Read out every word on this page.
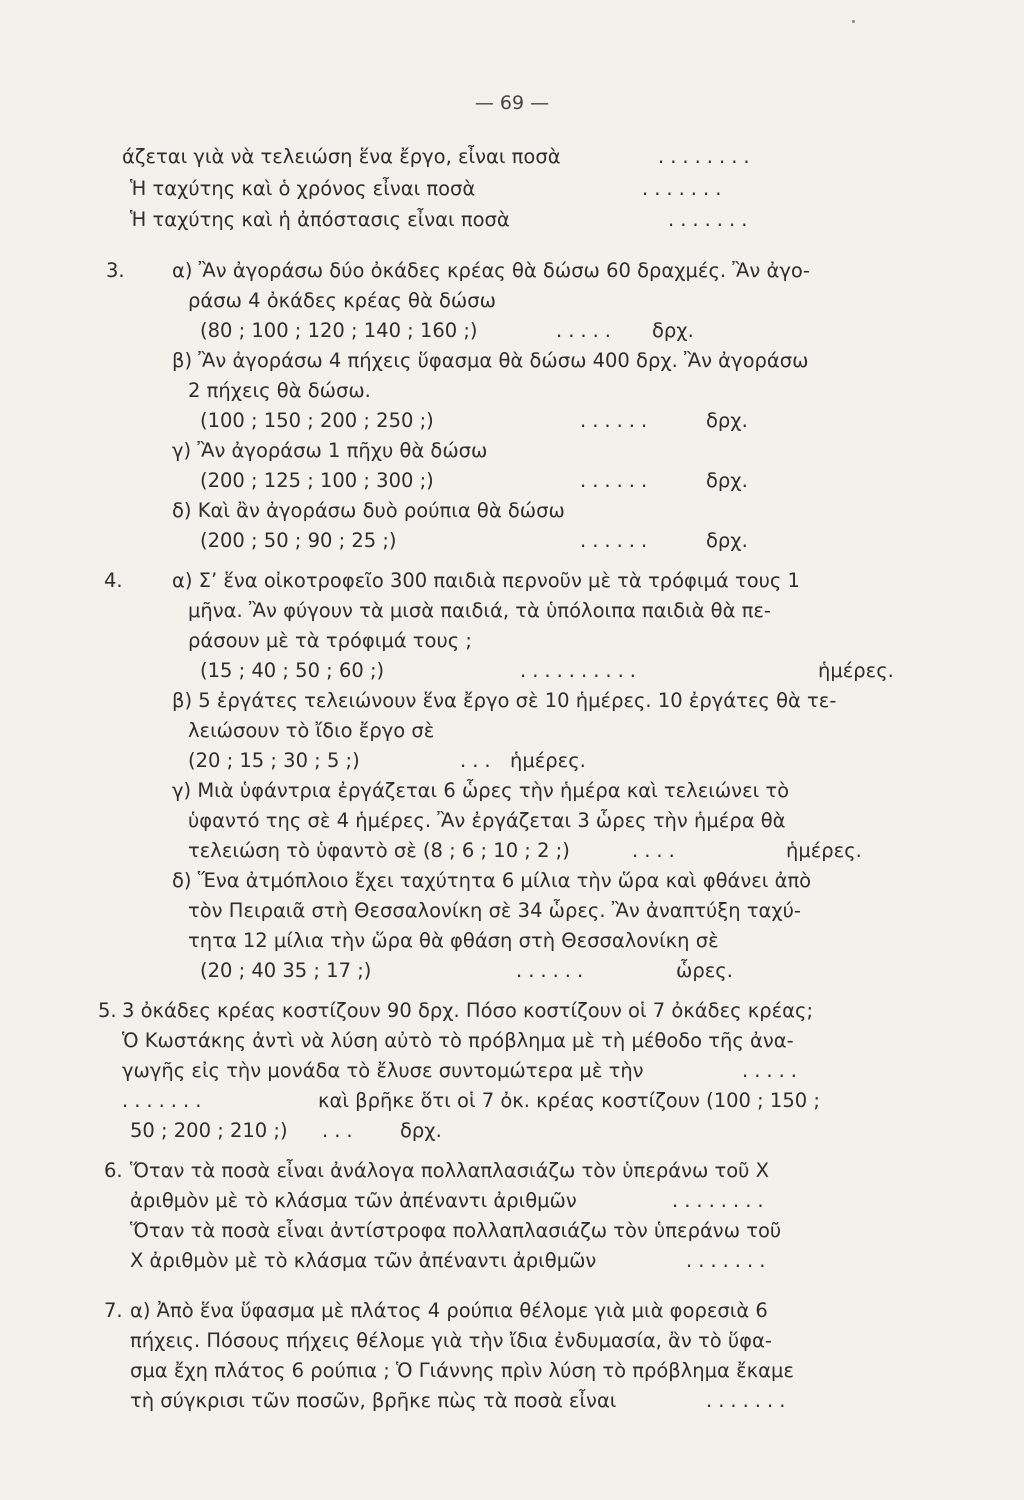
— 69 —
άζεται γιὰ νὰ τελειώση ἕνα ἔργο, εἶναι ποσὰ	........
Ἡ ταχύτης καὶ ὁ χρόνος εἶναι ποσὰ	.......
Ἡ ταχύτης καὶ ἡ ἀπόστασις εἶναι ποσὰ	.......
3. α) Ἂν ἀγοράσω δύο ὀκάδες κρέας θὰ δώσω 60 δραχμές. Ἂν ἀγο-
ράσω 4 ὀκάδες κρέας θὰ δώσω
(80 ; 100 ; 120 ; 140 ; 160 ;)	..... δρχ.
β) Ἂν ἀγοράσω 4 πήχεις ὕφασμα θὰ δώσω 400 δρχ. Ἂν ἀγοράσω
2 πήχεις θὰ δώσω.
(100 ; 150 ; 200 ; 250 ;)	......	δρχ.
γ) Ἂν ἀγοράσω 1 πῆχυ θὰ δώσω
(200 ; 125 ; 100 ; 300 ;)	......	δρχ.
δ) Καὶ ἂν ἀγοράσω δυὸ ρούπια θὰ δώσω
(200 ; 50 ; 90 ; 25 ;)	......	δρχ.
4.	α) Σ’ ἕνα οἰκοτροφεῖο 300 παιδιὰ περνοῦν μὲ τὰ τρόφιμά τους 1
μῆνα. Ἂν φύγουν τὰ μισὰ παιδιά, τὰ ὑπόλοιπα παιδιὰ θὰ πε-
ράσουν μὲ τὰ τρόφιμά τους ;
(15 ; 40 ; 50 ; 60 ;)	..........	ἡμέρες.
β) 5 ἐργάτες τελειώνουν ἕνα ἔργο σὲ 10 ἡμέρες. 10 ἐργάτες θὰ τε-
λειώσουν τὸ ἴδιο ἔργο σὲ
(20 ; 15 ; 30 ; 5 ;)	... ἡμέρες.
γ) Μιὰ ὑφάντρια ἐργάζεται 6 ὧρες τὴν ἡμέρα καὶ τελειώνει τὸ
ὑφαντό της σὲ 4 ἡμέρες. Ἂν ἐργάζεται 3 ὧρες τὴν ἡμέρα θὰ
τελειώση τὸ ὑφαντὸ σὲ (8 ; 6 ; 10 ; 2 ;)	....	ἡμέρες.
δ) Ἕνα ἀτμόπλοιο ἔχει ταχύτητα 6 μίλια τὴν ὥρα καὶ φθάνει ἀπὸ
τὸν Πειραιᾶ στὴ Θεσσαλονίκη σὲ 34 ὧρες. Ἂν ἀναπτύξη ταχύ-
τητα 12 μίλια τὴν ὥρα θὰ φθάση στὴ Θεσσαλονίκη σὲ
(20 ; 40 35 ; 17 ;)	......	ὧρες.
5. 3 ὀκάδες κρέας κοστίζουν 90 δρχ. Πόσο κοστίζουν οἱ 7 ὀκάδες κρέας;
Ὁ Κωστάκης ἀντὶ νὰ λύση αὐτὸ τὸ πρόβλημα μὲ τὴ μέθοδο τῆς ἀνα-
γωγῆς εἰς τὴν μονάδα τὸ ἔλυσε συντομώτερα μὲ τὴν	.....
.......	καὶ βρῆκε ὅτι οἱ 7 ὀκ. κρέας κοστίζουν (100 ; 150 ;
50 ; 200 ; 210 ;) ... δρχ.
6. Ὅταν τὰ ποσὰ εἶναι ἀνάλογα πολλαπλασιάζω τὸν ὑπεράνω τοῦ Χ
ἀριθμὸν μὲ τὸ κλάσμα τῶν ἀπέναντι ἀριθμῶν	........
Ὅταν τὰ ποσὰ εἶναι ἀντίστροφα πολλαπλασιάζω τὸν ὑπεράνω τοῦ
Χ ἀριθμὸν μὲ τὸ κλάσμα τῶν ἀπέναντι ἀριθμῶν	.......
7. α) Ἀπὸ ἕνα ὕφασμα μὲ πλάτος 4 ρούπια θέλομε γιὰ μιὰ φορεσιὰ 6
πήχεις. Πόσους πήχεις θέλομε γιὰ τὴν ἴδια ἐνδυμασία, ἂν τὸ ὕφα-
σμα ἔχη πλάτος 6 ρούπια ; Ὁ Γιάννης πρὶν λύση τὸ πρόβλημα ἔκαμε
τὴ σύγκρισι τῶν ποσῶν, βρῆκε πὼς τὰ ποσὰ εἶναι	.......
